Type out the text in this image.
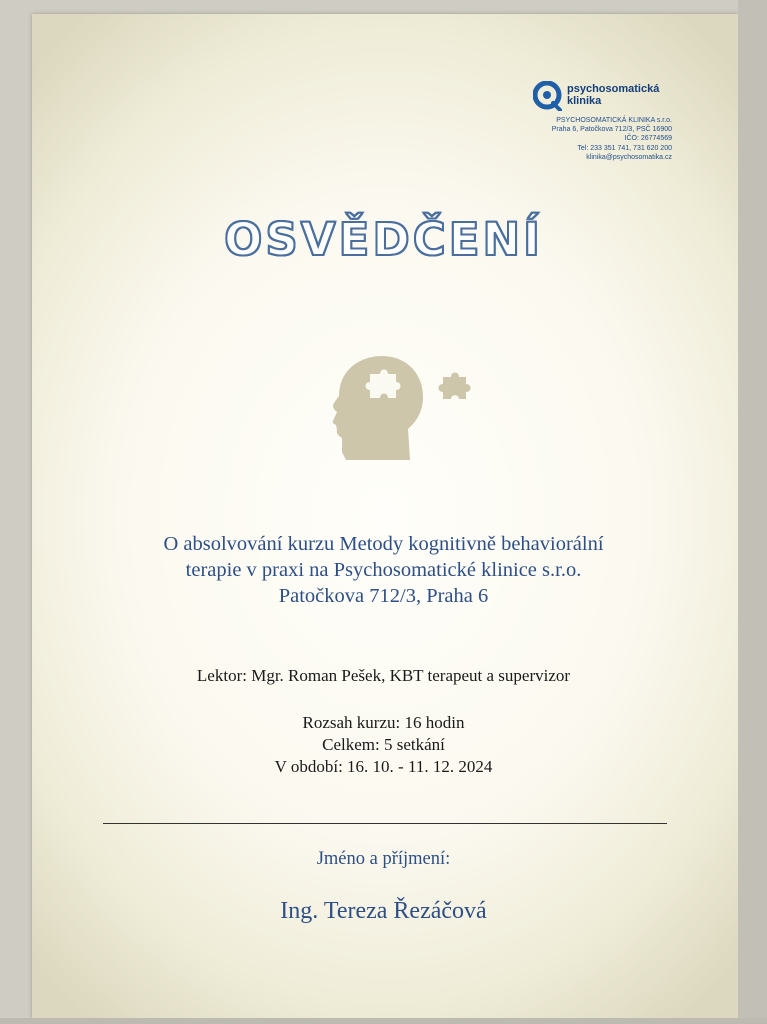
psychosomatická
klinika
PSYCHOSOMATICKÁ KLINIKA s.r.o.
Praha 6, Patočkova 712/3, PSČ 16900
IČO: 26774569
Tel: 233 351 741, 731 620 200
klinika@psychosomatika.cz
OSVĚDČENÍ
O absolvování kurzu Metody kognitivně behaviorální
terapie v praxi na Psychosomatické klinice s.r.o.
Patočkova 712/3, Praha 6
Lektor: Mgr. Roman Pešek, KBT terapeut a supervizor
Rozsah kurzu: 16 hodin
Celkem: 5 setkání
V období: 16. 10. - 11. 12. 2024
Jméno a příjmení:
Ing. Tereza Řezáčová
